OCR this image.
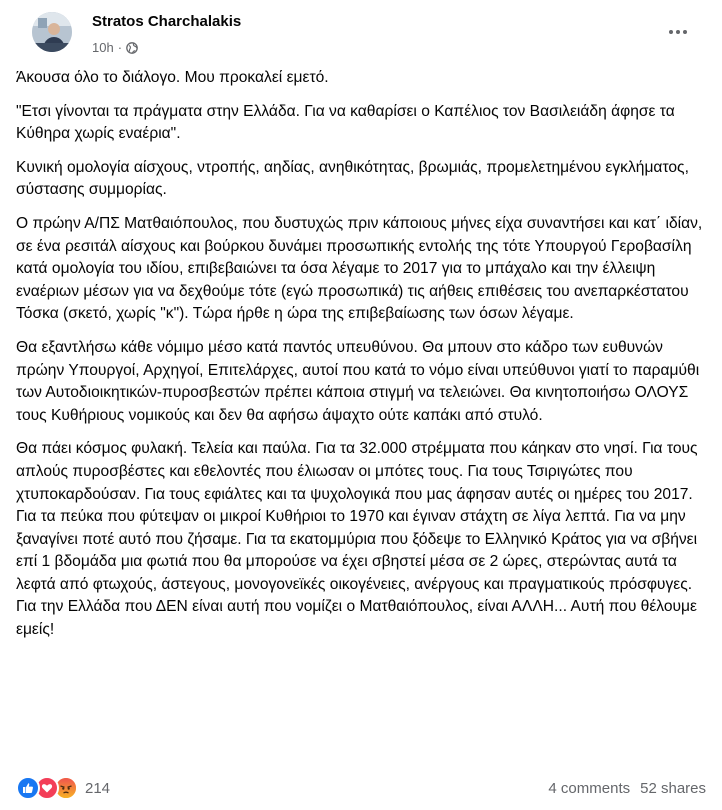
Stratos Charchalakis
10h ·

Άκουσα όλο το διάλογο. Μου προκαλεί εμετό.

"Ετσι γίνονται τα πράγματα στην Ελλάδα. Για να καθαρίσει ο Καπέλιος τον Βασιλειάδη άφησε τα Κύθηρα χωρίς εναέρια".

Κυνική ομολογία αίσχους, ντροπής, αηδίας, ανηθικότητας, βρωμιάς, προμελετημένου εγκλήματος, σύστασης συμμορίας.

Ο πρώην Α/ΠΣ Ματθαιόπουλος, που δυστυχώς πριν κάποιους μήνες είχα συναντήσει και κατ΄ ιδίαν, σε ένα ρεσιτάλ αίσχους και βούρκου δυνάμει προσωπικής εντολής της τότε Υπουργού Γεροβασίλη κατά ομολογία του ιδίου, επιβεβαιώνει τα όσα λέγαμε το 2017 για το μπάχαλο και την έλλειψη εναέριων μέσων για να δεχθούμε τότε (εγώ προσωπικά) τις αήθεις επιθέσεις του ανεπαρκέστατου Τόσκα (σκετό, χωρίς "κ"). Τώρα ήρθε η ώρα της επιβεβαίωσης των όσων λέγαμε.

Θα εξαντλήσω κάθε νόμιμο μέσο κατά παντός υπευθύνου. Θα μπουν στο κάδρο των ευθυνών πρώην Υπουργοί, Αρχηγοί, Επιτελάρχες, αυτοί που κατά το νόμο είναι υπεύθυνοι γιατί το παραμύθι των Αυτοδιοικητικών-πυροσβεστών πρέπει κάποια στιγμή να τελειώνει. Θα κινητοποιήσω ΟΛΟΥΣ τους Κυθήριους νομικούς και δεν θα αφήσω άψαχτο ούτε καπάκι από στυλό.

Θα πάει κόσμος φυλακή. Τελεία και παύλα. Για τα 32.000 στρέμματα που κάηκαν στο νησί. Για τους απλούς πυροσβέστες και εθελοντές που έλιωσαν οι μπότες τους. Για τους Τσιριγώτες που χτυποκαρδούσαν. Για τους εφιάλτες και τα ψυχολογικά που μας άφησαν αυτές οι ημέρες του 2017. Για τα πεύκα που φύτεψαν οι μικροί Κυθήριοι το 1970 και έγιναν στάχτη σε λίγα λεπτά. Για να μην ξαναγίνει ποτέ αυτό που ζήσαμε. Για τα εκατομμύρια που ξόδεψε το Ελληνικό Κράτος για να σβήνει επί 1 βδομάδα μια φωτιά που θα μπορούσε να έχει σβηστεί μέσα σε 2 ώρες, στερώντας αυτά τα λεφτά από φτωχούς, άστεγους, μονογονεϊκές οικογένειες, ανέργους και πραγματικούς πρόσφυγες. Για την Ελλάδα που ΔΕΝ είναι αυτή που νομίζει ο Ματθαιόπουλος, είναι ΑΛΛΗ... Αυτή που θέλουμε εμείς!

214	4 comments 52 shares
